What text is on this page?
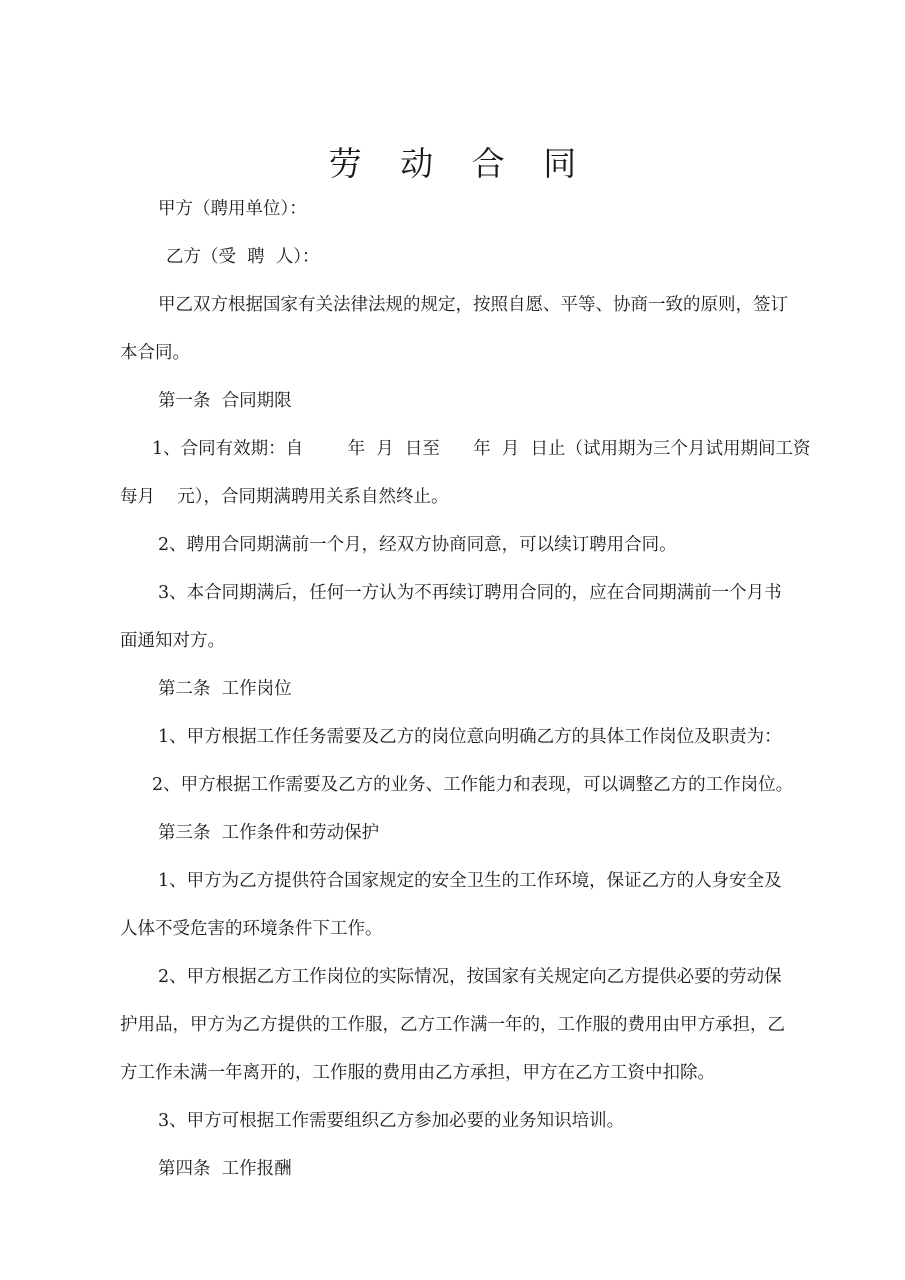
劳 动 合 同

甲方（聘用单位）：

乙方（受  聘  人）：

甲乙双方根据国家有关法律法规的规定，按照自愿、平等、协商一致的原则，签订

本合同。

第一条  合同期限

1、合同有效期：自        年  月  日至      年  月  日止（试用期为三个月试用期间工资

每月    元），合同期满聘用关系自然终止。

2、聘用合同期满前一个月，经双方协商同意，可以续订聘用合同。

3、本合同期满后，任何一方认为不再续订聘用合同的，应在合同期满前一个月书

面通知对方。

第二条  工作岗位

1、甲方根据工作任务需要及乙方的岗位意向明确乙方的具体工作岗位及职责为：

2、甲方根据工作需要及乙方的业务、工作能力和表现，可以调整乙方的工作岗位。

第三条  工作条件和劳动保护

1、甲方为乙方提供符合国家规定的安全卫生的工作环境，保证乙方的人身安全及

人体不受危害的环境条件下工作。

2、甲方根据乙方工作岗位的实际情况，按国家有关规定向乙方提供必要的劳动保

护用品，甲方为乙方提供的工作服，乙方工作满一年的，工作服的费用由甲方承担，乙

方工作未满一年离开的，工作服的费用由乙方承担，甲方在乙方工资中扣除。

3、甲方可根据工作需要组织乙方参加必要的业务知识培训。

第四条  工作报酬
